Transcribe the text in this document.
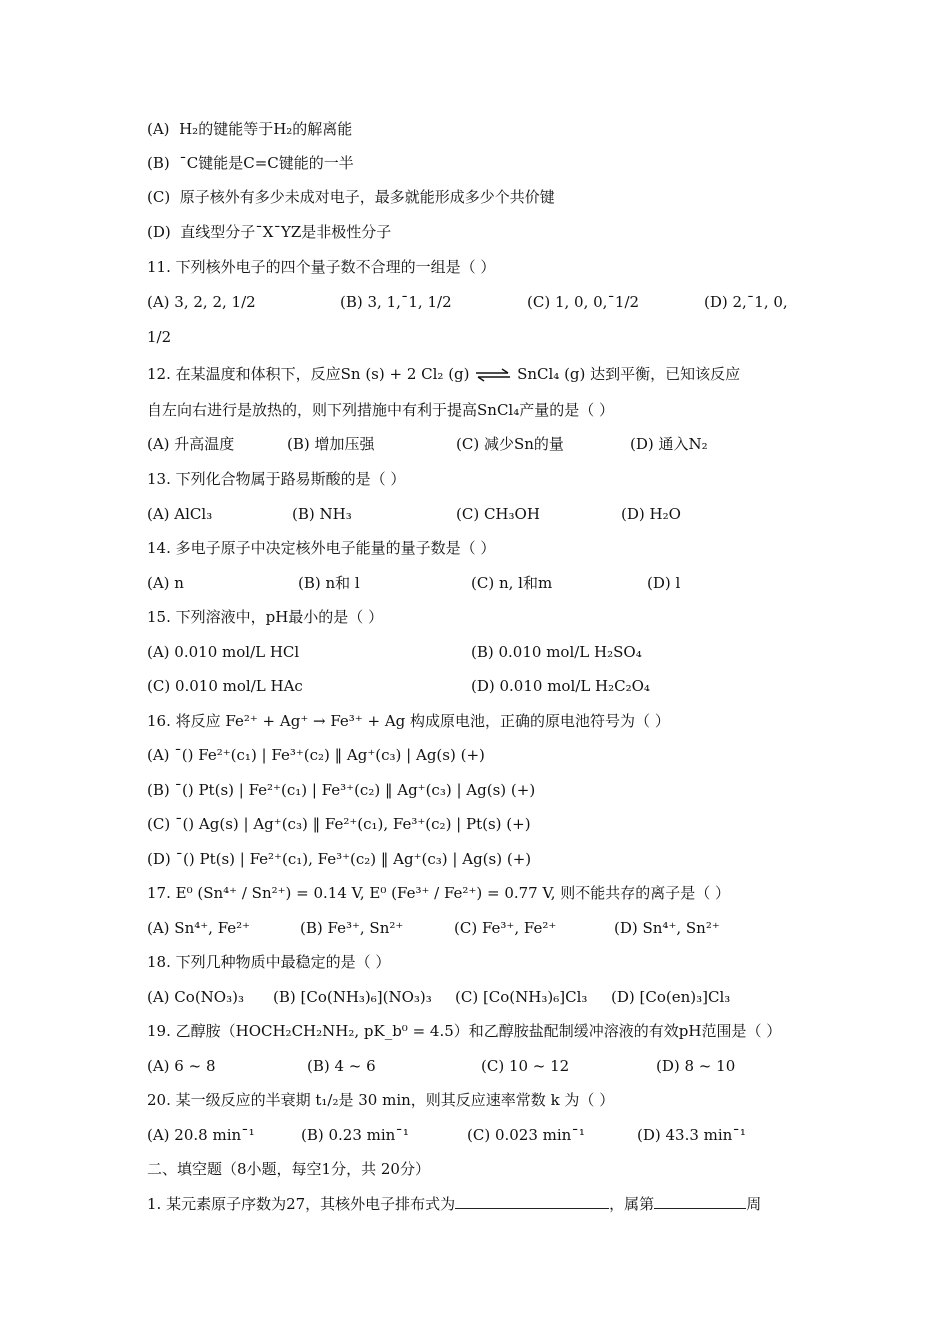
(A) H₂的键能等于H₂的解离能
(B) ˉC键能是C=C键能的一半
(C) 原子核外有多少未成对电子，最多就能形成多少个共价键
(D) 直线型分子ˉXˉYZ是非极性分子
11. 下列核外电子的四个量子数不合理的一组是（ ）
(A) 3, 2, 2, 1/2	(B) 3, 1,ˉ1, 1/2	(C) 1, 0, 0,ˉ1/2	(D) 2,ˉ1, 0,
1/2
12. 在某温度和体积下，反应Sn (s) + 2 Cl₂ (g) ⇌ SnCl₄ (g) 达到平衡，已知该反应
自左向右进行是放热的，则下列措施中有利于提高SnCl₄产量的是（ ）
(A) 升高温度	(B) 增加压强	(C) 减少Sn的量	(D) 通入N₂
13. 下列化合物属于路易斯酸的是（ ）
(A) AlCl₃	(B) NH₃	(C) CH₃OH	(D) H₂O
14. 多电子原子中决定核外电子能量的量子数是（ ）
(A) n	(B) n和 l	(C) n, l和m	(D) l
15. 下列溶液中，pH最小的是（ ）
(A) 0.010 mol/L HCl	(B) 0.010 mol/L H₂SO₄
(C) 0.010 mol/L HAc	(D) 0.010 mol/L H₂C₂O₄
16. 将反应 Fe²⁺ + Ag⁺ → Fe³⁺ + Ag 构成原电池，正确的原电池符号为（ ）
(A) ˉ() Fe²⁺(c₁) | Fe³⁺(c₂) ‖ Ag⁺(c₃) | Ag(s) (+)
(B) ˉ() Pt(s) | Fe²⁺(c₁) | Fe³⁺(c₂) ‖ Ag⁺(c₃) | Ag(s) (+)
(C) ˉ() Ag(s) | Ag⁺(c₃) ‖ Fe²⁺(c₁), Fe³⁺(c₂) | Pt(s) (+)
(D) ˉ() Pt(s) | Fe²⁺(c₁), Fe³⁺(c₂) ‖ Ag⁺(c₃) | Ag(s) (+)
17. E⁰ (Sn⁴⁺ / Sn²⁺) = 0.14 V, E⁰ (Fe³⁺ / Fe²⁺) = 0.77 V, 则不能共存的离子是（ ）
(A) Sn⁴⁺, Fe²⁺	(B) Fe³⁺, Sn²⁺	(C) Fe³⁺, Fe²⁺	(D) Sn⁴⁺, Sn²⁺
18. 下列几种物质中最稳定的是（ ）
(A) Co(NO₃)₃ (B) [Co(NH₃)₆](NO₃)₃ (C) [Co(NH₃)₆]Cl₃ (D) [Co(en)₃]Cl₃
19. 乙醇胺（HOCH₂CH₂NH₂, pK_b⁰ = 4.5）和乙醇胺盐配制缓冲溶液的有效pH范围是（ ）
(A) 6 ~ 8	(B) 4 ~ 6	(C) 10 ~ 12	(D) 8 ~ 10
20. 某一级反应的半衰期 t₁/₂是 30 min，则其反应速率常数 k 为（ ）
(A) 20.8 minˉ¹	(B) 0.23 minˉ¹	(C) 0.023 minˉ¹	(D) 43.3 minˉ¹
二、填空题（8小题，每空1分，共 20分）
1. 某元素原子序数为27，其核外电子排布式为	，属第	周
